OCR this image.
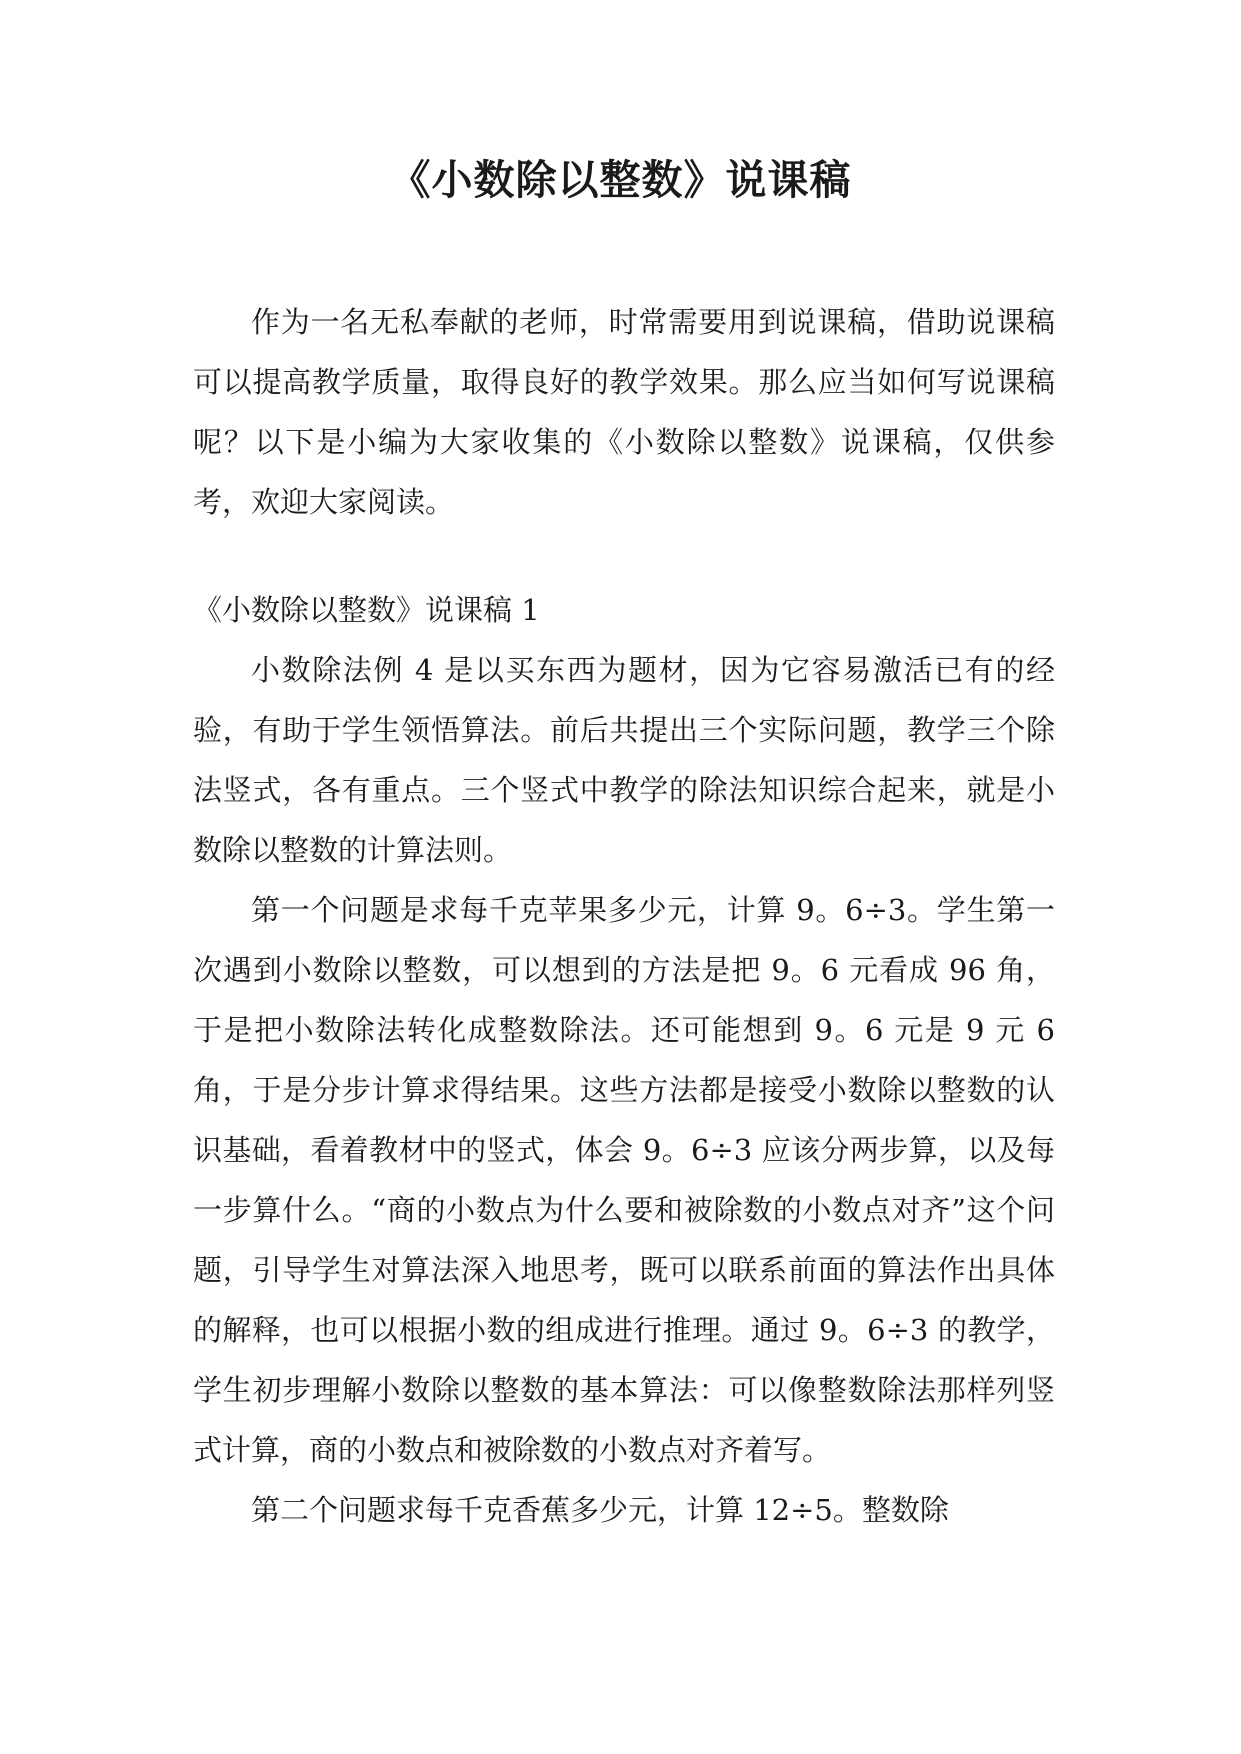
《小数除以整数》说课稿

作为一名无私奉献的老师，时常需要用到说课稿，借助说课稿可以提高教学质量，取得良好的教学效果。那么应当如何写说课稿呢？以下是小编为大家收集的《小数除以整数》说课稿，仅供参考，欢迎大家阅读。

《小数除以整数》说课稿 1

小数除法例 4 是以买东西为题材，因为它容易激活已有的经验，有助于学生领悟算法。前后共提出三个实际问题，教学三个除法竖式，各有重点。三个竖式中教学的除法知识综合起来，就是小数除以整数的计算法则。

第一个问题是求每千克苹果多少元，计算 9。6÷3。学生第一次遇到小数除以整数，可以想到的方法是把 9。6 元看成 96 角，于是把小数除法转化成整数除法。还可能想到 9。6 元是 9 元 6 角，于是分步计算求得结果。这些方法都是接受小数除以整数的认识基础，看着教材中的竖式，体会 9。6÷3 应该分两步算，以及每一步算什么。“商的小数点为什么要和被除数的小数点对齐”这个问题，引导学生对算法深入地思考，既可以联系前面的算法作出具体的解释，也可以根据小数的组成进行推理。通过 9。6÷3 的教学，学生初步理解小数除以整数的基本算法：可以像整数除法那样列竖式计算，商的小数点和被除数的小数点对齐着写。

第二个问题求每千克香蕉多少元，计算 12÷5。整数除
